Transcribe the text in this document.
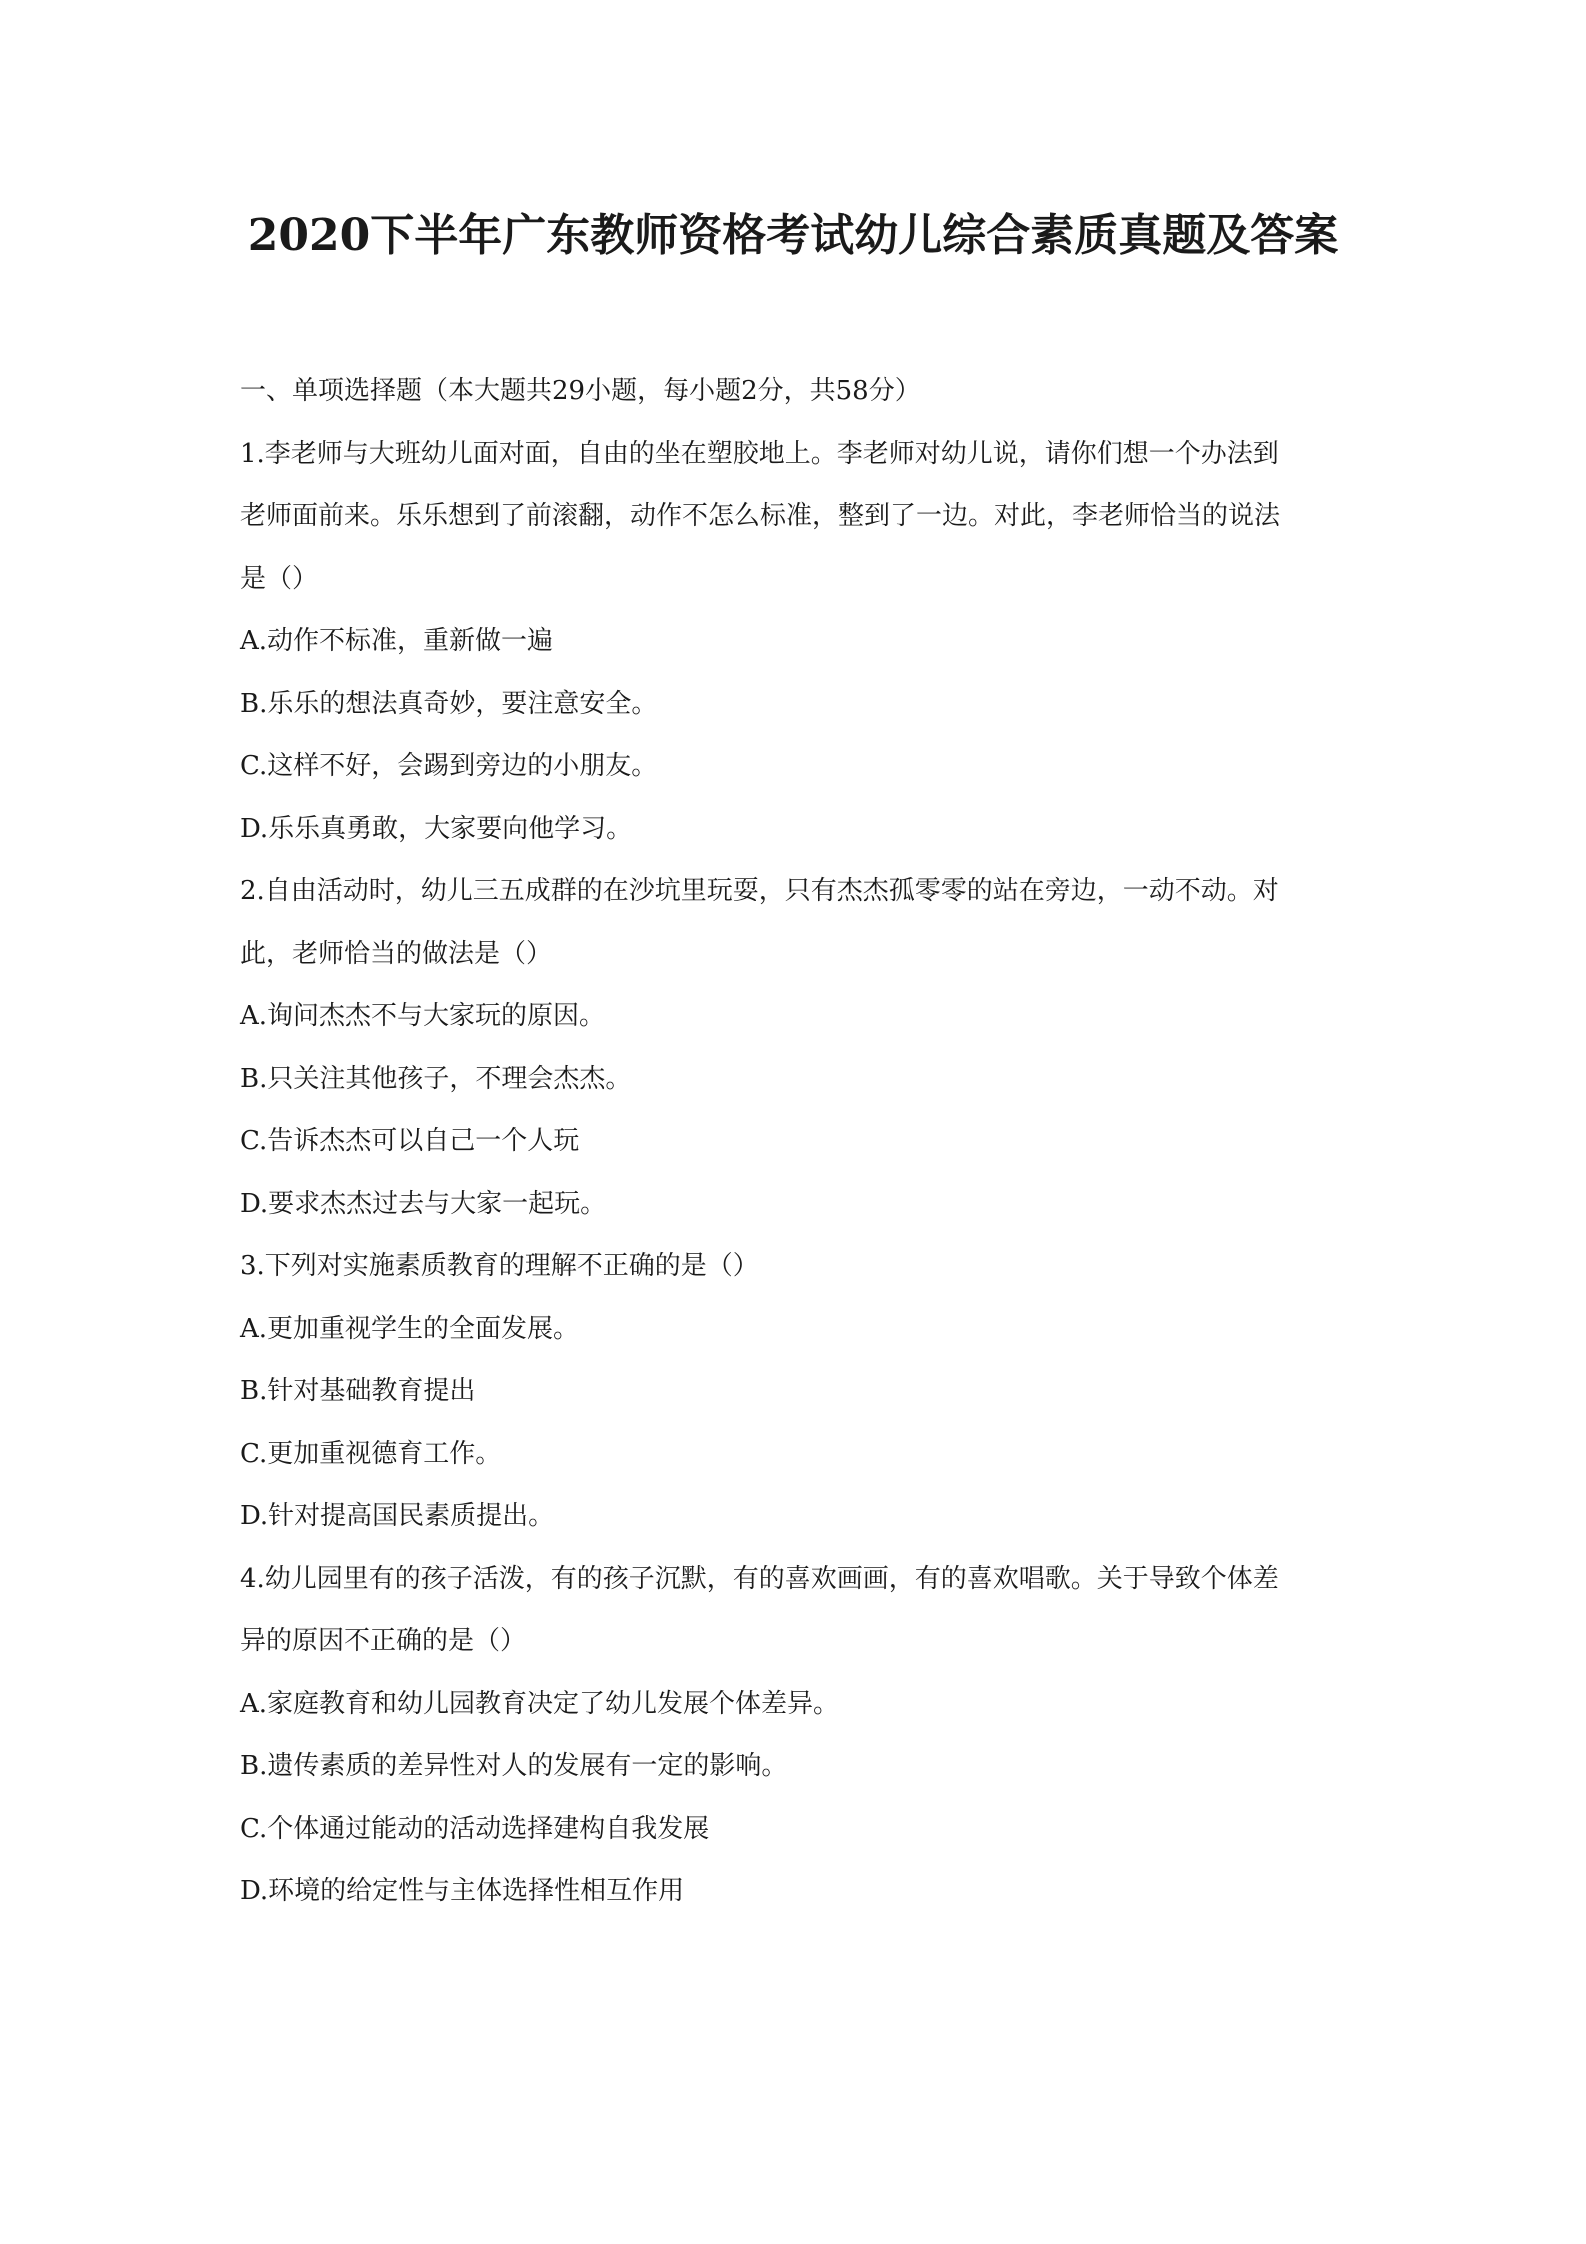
2020下半年广东教师资格考试幼儿综合素质真题及答案
一、单项选择题（本大题共29小题，每小题2分，共58分）
1.李老师与大班幼儿面对面，自由的坐在塑胶地上。李老师对幼儿说，请你们想一个办法到
老师面前来。乐乐想到了前滚翻，动作不怎么标准，整到了一边。对此，李老师恰当的说法
是（）
A.动作不标准，重新做一遍
B.乐乐的想法真奇妙，要注意安全。
C.这样不好，会踢到旁边的小朋友。
D.乐乐真勇敢，大家要向他学习。
2.自由活动时，幼儿三五成群的在沙坑里玩耍，只有杰杰孤零零的站在旁边，一动不动。对
此，老师恰当的做法是（）
A.询问杰杰不与大家玩的原因。
B.只关注其他孩子，不理会杰杰。
C.告诉杰杰可以自己一个人玩
D.要求杰杰过去与大家一起玩。
3.下列对实施素质教育的理解不正确的是（）
A.更加重视学生的全面发展。
B.针对基础教育提出
C.更加重视德育工作。
D.针对提高国民素质提出。
4.幼儿园里有的孩子活泼，有的孩子沉默，有的喜欢画画，有的喜欢唱歌。关于导致个体差
异的原因不正确的是（）
A.家庭教育和幼儿园教育决定了幼儿发展个体差异。
B.遗传素质的差异性对人的发展有一定的影响。
C.个体通过能动的活动选择建构自我发展
D.环境的给定性与主体选择性相互作用
